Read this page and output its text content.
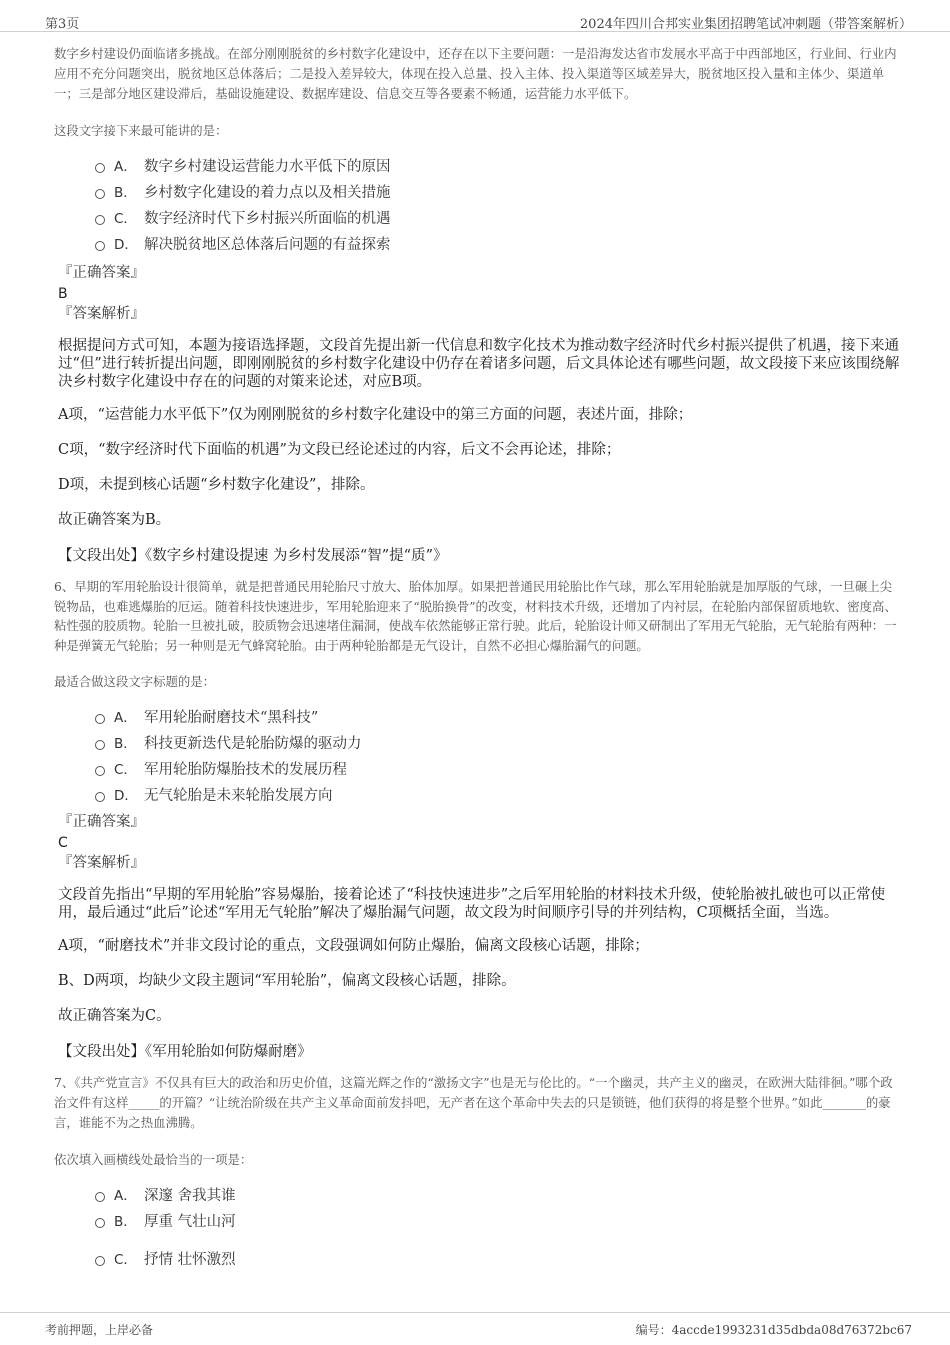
第3页	2024年四川合邦实业集团招聘笔试冲刺题（带答案解析）

数字乡村建设仍面临诸多挑战。在部分刚刚脱贫的乡村数字化建设中，还存在以下主要问题：一是沿海发达省市发展水平高于中西部地区，行业间、行业内应用不充分问题突出，脱贫地区总体落后；二是投入差异较大，体现在投入总量、投入主体、投入渠道等区域差异大，脱贫地区投入量和主体少、渠道单一；三是部分地区建设滞后，基础设施建设、数据库建设、信息交互等各要素不畅通，运营能力水平低下。

这段文字接下来最可能讲的是：

A． 数字乡村建设运营能力水平低下的原因
B． 乡村数字化建设的着力点以及相关措施
C． 数字经济时代下乡村振兴所面临的机遇
D． 解决脱贫地区总体落后问题的有益探索

『正确答案』

B

『答案解析』

根据提问方式可知，本题为接语选择题，文段首先提出新一代信息和数字化技术为推动数字经济时代乡村振兴提供了机遇，接下来通过“但”进行转折提出问题，即刚刚脱贫的乡村数字化建设中仍存在着诸多问题，后文具体论述有哪些问题，故文段接下来应该围绕解决乡村数字化建设中存在的问题的对策来论述，对应B项。

A项，“运营能力水平低下”仅为刚刚脱贫的乡村数字化建设中的第三方面的问题，表述片面，排除；

C项，“数字经济时代下面临的机遇”为文段已经论述过的内容，后文不会再论述，排除；

D项，未提到核心话题“乡村数字化建设”，排除。

故正确答案为B。

【文段出处】《数字乡村建设提速 为乡村发展添“智”提“质”》

6、早期的军用轮胎设计很简单，就是把普通民用轮胎尺寸放大、胎体加厚。如果把普通民用轮胎比作气球，那么军用轮胎就是加厚版的气球，一旦碾上尖锐物品，也难逃爆胎的厄运。随着科技快速进步，军用轮胎迎来了“脱胎换骨”的改变，材料技术升级，还增加了内衬层，在轮胎内部保留质地软、密度高、粘性强的胶质物。轮胎一旦被扎破，胶质物会迅速堵住漏洞，使战车依然能够正常行驶。此后，轮胎设计师又研制出了军用无气轮胎，无气轮胎有两种：一种是弹簧无气轮胎；另一种则是无气蜂窝轮胎。由于两种轮胎都是无气设计，自然不必担心爆胎漏气的问题。

最适合做这段文字标题的是：

A． 军用轮胎耐磨技术“黑科技”
B． 科技更新迭代是轮胎防爆的驱动力
C． 军用轮胎防爆胎技术的发展历程
D． 无气轮胎是未来轮胎发展方向

『正确答案』

C

『答案解析』

文段首先指出“早期的军用轮胎”容易爆胎，接着论述了“科技快速进步”之后军用轮胎的材料技术升级，使轮胎被扎破也可以正常使用，最后通过“此后”论述“军用无气轮胎”解决了爆胎漏气问题，故文段为时间顺序引导的并列结构，C项概括全面，当选。

A项，“耐磨技术”并非文段讨论的重点，文段强调如何防止爆胎，偏离文段核心话题，排除；

B、D两项，均缺少文段主题词“军用轮胎”，偏离文段核心话题，排除。

故正确答案为C。

【文段出处】《军用轮胎如何防爆耐磨》

7、《共产党宣言》不仅具有巨大的政治和历史价值，这篇光辉之作的“激扬文字”也是无与伦比的。“一个幽灵，共产主义的幽灵，在欧洲大陆徘徊。”哪个政治文件有这样_____的开篇？“让统治阶级在共产主义革命面前发抖吧，无产者在这个革命中失去的只是锁链，他们获得的将是整个世界。”如此_______的豪言，谁能不为之热血沸腾。

依次填入画横线处最恰当的一项是：

A． 深邃 舍我其谁
B． 厚重 气壮山河
C． 抒情 壮怀激烈
考前押题，上岸必备	编号：4accde1993231d35dbda08d76372bc67
